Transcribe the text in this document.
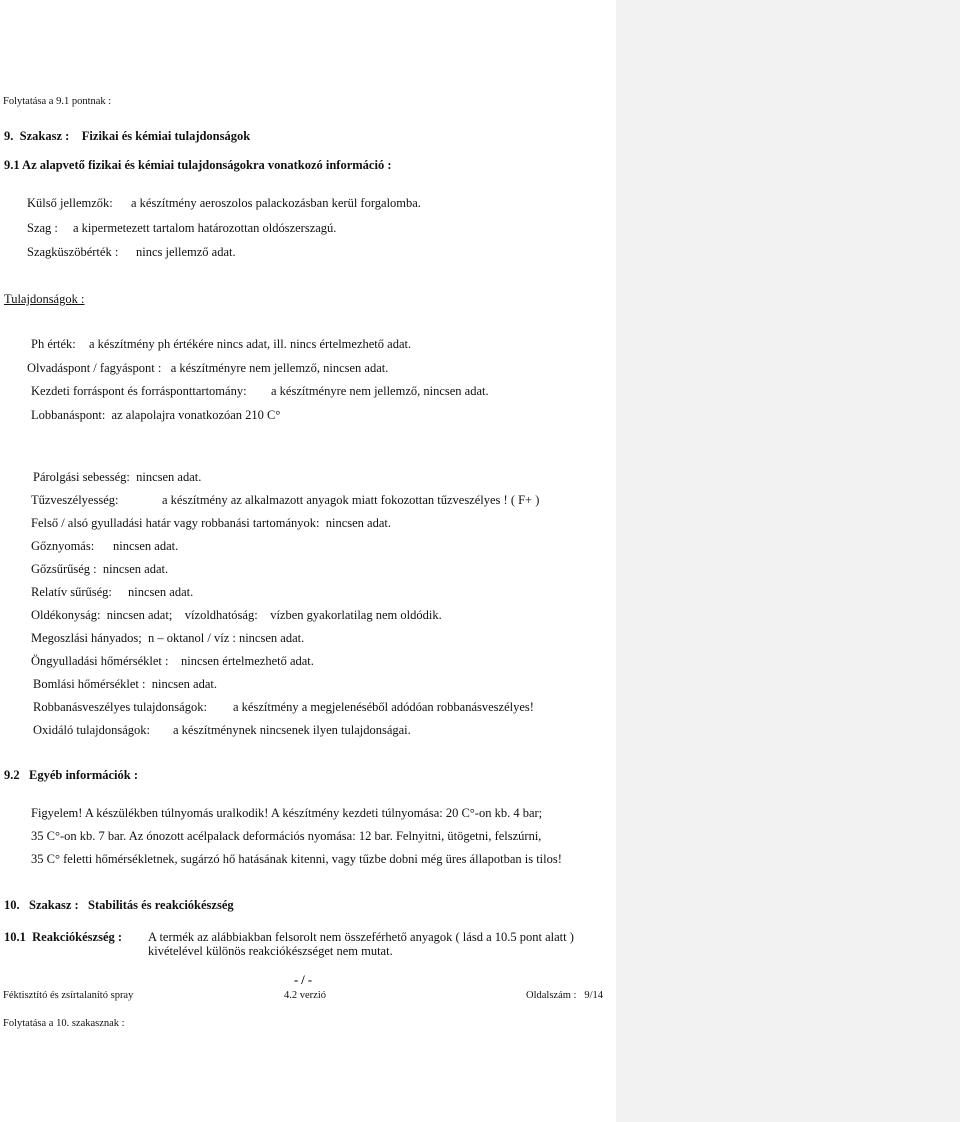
Folytatása a 9.1 pontnak :
9. Szakasz : Fizikai és kémiai tulajdonságok
9.1 Az alapvető fizikai és kémiai tulajdonságokra vonatkozó információ :
Külső jellemzők: a készítmény aeroszolos palackozásban kerül forgalomba.
Szag : a kipermetezett tartalom határozottan oldószerszagú.
Szagküszöbérték : nincs jellemző adat.
Tulajdonságok :
Ph érték: a készítmény ph értékére nincs adat, ill. nincs értelmezhető adat.
Olvadáspont / fagyáspont : a készítményre nem jellemző, nincsen adat.
Kezdeti forráspont és forrásponttartomány: a készítményre nem jellemző, nincsen adat.
Lobbanáspont: az alapolajra vonatkozóan 210 C°
Párolgási sebesség: nincsen adat.
Tűzveszélyesség:	a készítmény az alkalmazott anyagok miatt fokozottan tűzveszélyes ! ( F+ )
Felső / alsó gyulladási határ vagy robbanási tartományok: nincsen adat.
Gőznyomás: nincsen adat.
Gőzsűrűség : nincsen adat.
Relatív sűrűség: nincsen adat.
Oldékonyság: nincsen adat; vízoldhatóság: vízben gyakorlatilag nem oldódik.
Megoszlási hányados; n – oktanol / víz : nincsen adat.
Öngyulladási hőmérséklet : nincsen értelmezhető adat.
Bomlási hőmérséklet : nincsen adat.
Robbanásveszélyes tulajdonságok: a készítmény a megjelenéséből adódóan robbanásveszélyes!
Oxidáló tulajdonságok: a készítménynek nincsenek ilyen tulajdonságai.
9.2 Egyéb információk :
Figyelem! A készülékben túlnyomás uralkodik! A készítmény kezdeti túlnyomása: 20 C°-on kb. 4 bar;
35 C°-on kb. 7 bar. Az ónozott acélpalack deformációs nyomása: 12 bar. Felnyitni, ütögetni, felszúrni,
35 C° feletti hőmérsékletnek, sugárzó hő hatásának kitenni, vagy tűzbe dobni még üres állapotban is tilos!
10. Szakasz : Stabilitás és reakciókészség
10.1 Reakciókészség : A termék az alábbiakban felsorolt nem összeférhető anyagok ( lásd a 10.5 pont alatt )
kivételével különös reakciókészséget nem mutat.
- / -
Féktisztító és zsírtalanító spray	4.2 verzió	Oldalszám : 9/14
Folytatása a 10. szakasznak :
